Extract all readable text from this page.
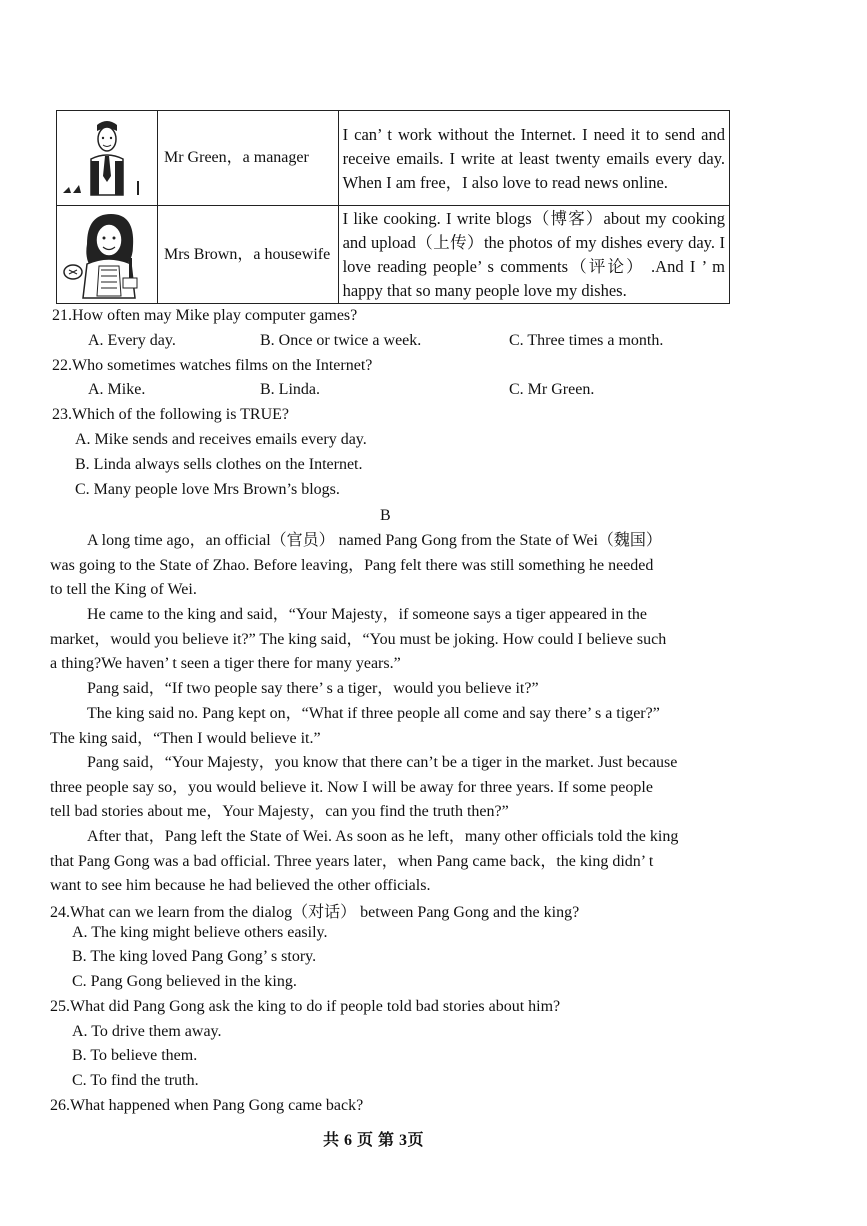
	Mr Green，a manager	I can’ t work without the Internet. I need it to send and receive emails. I write at least twenty emails every day. When I am free，I also love to read news online.

	Mrs Brown，a housewife	I like cooking. I write blogs（博客）about my cooking and upload（上传）the photos of my dishes every day. I love reading people’ s comments（评论） .And I ’ m happy that so many people love my dishes.
21.How often may Mike play computer games?
A. Every day.	B. Once or twice a week.	C. Three times a month.
22.Who sometimes watches films on the Internet?
A. Mike.	B. Linda.	C. Mr Green.
23.Which of the following is TRUE?
A. Mike sends and receives emails every day.
B. Linda always sells clothes on the Internet.
C. Many people love Mrs Brown’s blogs.
B
A long time ago，an official（官员） named Pang Gong from the State of Wei（魏国）
was going to the State of Zhao. Before leaving，Pang felt there was still something he needed
to tell the King of Wei.
He came to the king and said，“Your Majesty，if someone says a tiger appeared in the
market，would you believe it?” The king said，“You must be joking. How could I believe such
a thing?We haven’ t seen a tiger there for many years.”
Pang said，“If two people say there’ s a tiger，would you believe it?”
The king said no. Pang kept on，“What if three people all come and say there’ s a tiger?”
The king said，“Then I would believe it.”
Pang said，“Your Majesty，you know that there can’t be a tiger in the market. Just because
three people say so，you would believe it. Now I will be away for three years. If some people
tell bad stories about me，Your Majesty，can you find the truth then?”
After that，Pang left the State of Wei. As soon as he left，many other officials told the king
that Pang Gong was a bad official. Three years later，when Pang came back，the king didn’ t
want to see him because he had believed the other officials.
24.What can we learn from the dialog（对话） between Pang Gong and the king?
A. The king might believe others easily.
B. The king loved Pang Gong’ s story.
C. Pang Gong believed in the king.
25.What did Pang Gong ask the king to do if people told bad stories about him?
A. To drive them away.
B. To believe them.
C. To find the truth.
26.What happened when Pang Gong came back?
共 6 页 第 3页
